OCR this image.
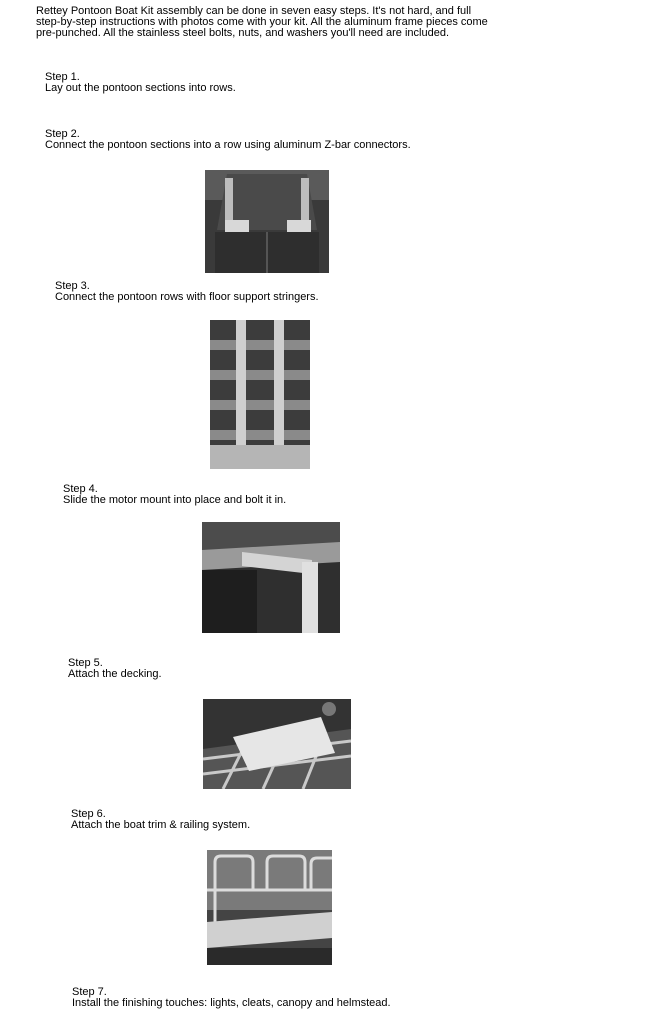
Rettey Pontoon Boat Kit assembly can be done in seven easy steps. It's not hard, and full

step-by-step instructions with photos come with your kit. All the aluminum frame pieces come

pre-punched. All the stainless steel bolts, nuts, and washers you'll need are included.

Step 1.

Lay out the pontoon sections into rows.

Step 2.

Connect the pontoon sections into a row using aluminum Z-bar connectors.

Step 3.

Connect the pontoon rows with floor support stringers.

Step 4.

Slide the motor mount into place and bolt it in.

Step 5.

Attach the decking.

Step 6.

Attach the boat trim & railing system.

Step 7.

Install the finishing touches: lights, cleats, canopy and helmstead.
